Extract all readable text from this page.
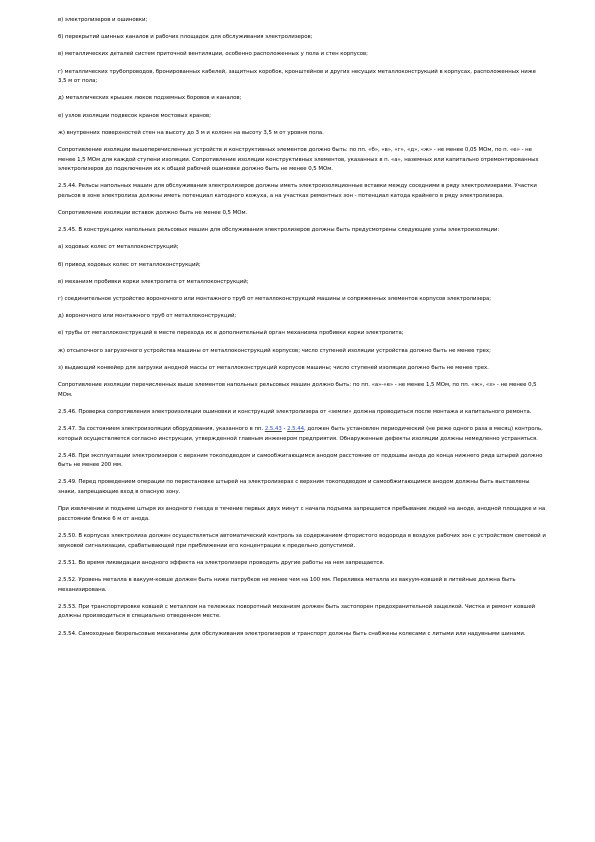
в) электролизеров и ошиновки;

б) перекрытий шинных каналов и рабочих площадок для обслуживания электролизеров;

в) металлических деталей систем приточной вентиляции, особенно расположенных у пола и стен корпусов;

г) металлических трубопроводов, бронированных кабелей, защитных коробок, кронштейнов и других несущих металлоконструкций в корпусах, расположенных ниже 3,5 м от пола;

д) металлических крышек люков подземных боровов и каналов;

е) узлов изоляции подвесок кранов мостовых кранов;

ж) внутренних поверхностей стен на высоту до 3 м и колонн на высоту 3,5 м от уровня пола.

Сопротивление изоляции вышеперечисленных устройств и конструктивных элементов должно быть: по пп. «б», «в», «г», «д», «ж» - не менее 0,05 МОм, по п. «е» - не менее 1,5 МОм для каждой ступени изоляции. Сопротивление изоляции конструктивных элементов, указанных в п. «а», наземных или капитально отремонтированных электролизеров до подключения их к общей рабочей ошиновке должно быть не менее 0,5 МОм.

2.5.44. Рельсы напольных машин для обслуживания электролизеров должны иметь электроизоляционные вставки между соседними в ряду электролизерами. Участки рельсов в зоне электролиза должны иметь потенциал катодного кожуха, а на участках ремонтных зон - потенциал катода крайнего в ряду электролизера.

Сопротивление изоляции вставок должно быть не менее 0,5 МОм.

2.5.45. В конструкциях напольных рельсовых машин для обслуживания электролизеров должны быть предусмотрены следующие узлы электроизоляции:

а) ходовых колес от металлоконструкций;

б) привод ходовых колес от металлоконструкций;

в) механизм пробивки корки электролита от металлоконструкций;

г) соединительное устройство вороночного или монтажного труб от металлоконструкций машины и сопряженных элементов корпусов электролизера;

д) вороночного или монтажного труб от металлоконструкций;

е) трубы от металлоконструкций в месте перехода их в дополнительный орган механизма пробивки корки электролита;

ж) отсыпочного загрузочного устройства машины от металлоконструкций корпусов; число ступеней изоляции устройства должно быть не менее трех;

з) выдающий конвейер для загрузки анодной массы от металлоконструкций корпусов машины; число ступеней изоляции должно быть не менее трех.

Сопротивление изоляции перечисленных выше элементов напольных рельсовых машин должно быть: по пп. «а»-«е» - не менее 1,5 МОм, по пп. «ж», «з» - не менее 0,5 МОм.

2.5.46. Проверка сопротивления электроизоляции ошиновки и конструкций электролизера от «земли» должна проводиться после монтажа и капитального ремонта.

2.5.47. За состоянием электроизоляции оборудования, указанного в пп. 2.5.43 - 2.5.44, должен быть установлен периодический (не реже одного раза в месяц) контроль, который осуществляется согласно инструкции, утвержденной главным инженером предприятия. Обнаруженные дефекты изоляции должны немедленно устраняться.

2.5.48. При эксплуатации электролизеров с верхним токоподводом и самообжигающимся анодом расстояние от подошвы анода до конца нижнего ряда штырей должно быть не менее 200 мм.

2.5.49. Перед проведением операции по перестановке штырей на электролизерах с верхним токоподводом и самообжигающимся анодом должны быть выставлены знаки, запрещающие вход в опасную зону.

При извлечении и подъеме штыря из анодного гнезда в течение первых двух минут с начала подъема запрещается пребывание людей на аноде, анодной площадке и на расстоянии ближе 6 м от анода.

2.5.50. В корпусах электролиза должен осуществляться автоматический контроль за содержанием фтористого водорода в воздухе рабочих зон с устройством световой и звуковой сигнализации, срабатывающей при приближении его концентрации к предельно допустимой.

2.5.51. Во время ликвидации анодного эффекта на электролизере проводить другие работы на нем запрещается.

2.5.52. Уровень металла в вакуум-ковше должен быть ниже патрубков не менее чем на 100 мм. Переливка металла из вакуум-ковшей в литейные должна быть механизирована.

2.5.53. При транспортировке ковшей с металлом на тележках поворотный механизм должен быть застопорен предохранительной защелкой. Чистка и ремонт ковшей должны производиться в специально отведенном месте.

2.5.54. Самоходные безрельсовые механизмы для обслуживания электролизеров и транспорт должны быть снабжены колесами с литыми или надувными шинами.
